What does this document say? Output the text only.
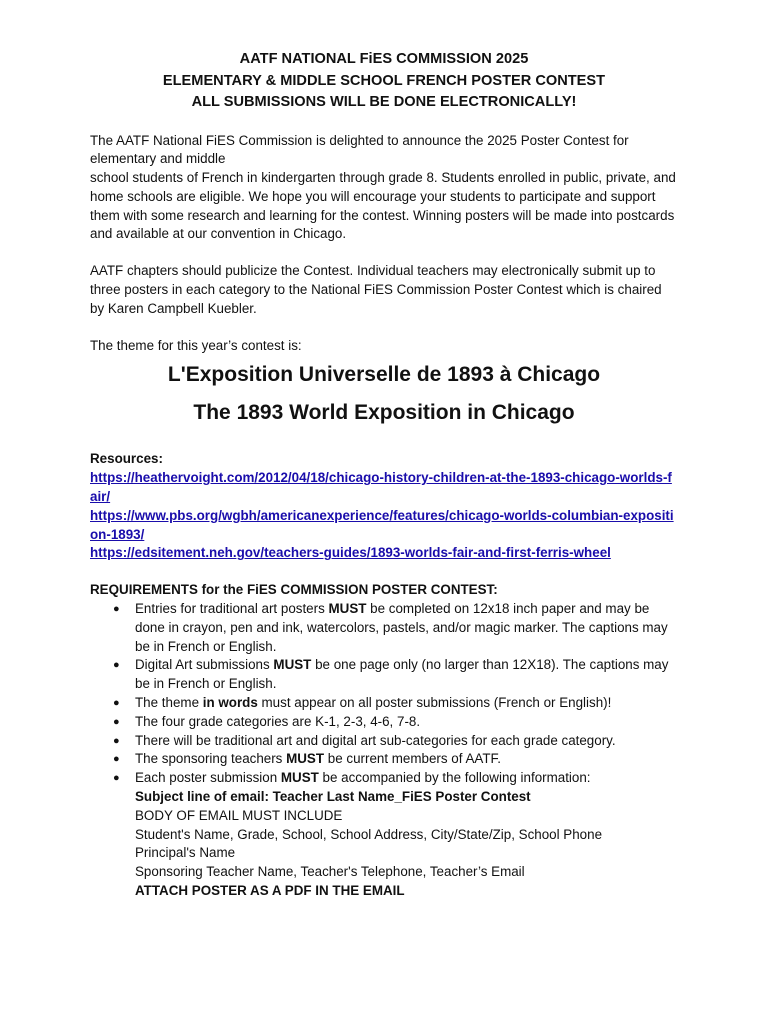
AATF NATIONAL FiES COMMISSION 2025
ELEMENTARY & MIDDLE SCHOOL FRENCH POSTER CONTEST
ALL SUBMISSIONS WILL BE DONE ELECTRONICALLY!

The AATF National FiES Commission is delighted to announce the 2025 Poster Contest for elementary and middle

school students of French in kindergarten through grade 8. Students enrolled in public, private, and home schools are eligible. We hope you will encourage your students to participate and support them with some research and learning for the contest. Winning posters will be made into postcards and available at our convention in Chicago.

AATF chapters should publicize the Contest. Individual teachers may electronically submit up to three posters in each category to the National FiES Commission Poster Contest which is chaired by Karen Campbell Kuebler.

The theme for this year’s contest is:

L'Exposition Universelle de 1893 à Chicago
The 1893 World Exposition in Chicago
Resources:
https://heathervoight.com/2012/04/18/chicago-history-children-at-the-1893-chicago-worlds-fair/
https://www.pbs.org/wgbh/americanexperience/features/chicago-worlds-columbian-exposition-1893/
https://edsitement.neh.gov/teachers-guides/1893-worlds-fair-and-first-ferris-wheel
REQUIREMENTS for the FiES COMMISSION POSTER CONTEST:
● Entries for traditional art posters MUST be completed on 12x18 inch paper and may be done in crayon, pen and ink, watercolors, pastels, and/or magic marker. The captions may be in French or English.
● Digital Art submissions MUST be one page only (no larger than 12X18). The captions may be in French or English.
● The theme in words must appear on all poster submissions (French or English)!
● The four grade categories are K-1, 2-3, 4-6, 7-8.
● There will be traditional art and digital art sub-categories for each grade category.
● The sponsoring teachers MUST be current members of AATF.
● Each poster submission MUST be accompanied by the following information:
Subject line of email: Teacher Last Name_FiES Poster Contest
BODY OF EMAIL MUST INCLUDE
Student's Name, Grade, School, School Address, City/State/Zip, School Phone
Principal's Name
Sponsoring Teacher Name, Teacher's Telephone, Teacher’s Email
ATTACH POSTER AS A PDF IN THE EMAIL
